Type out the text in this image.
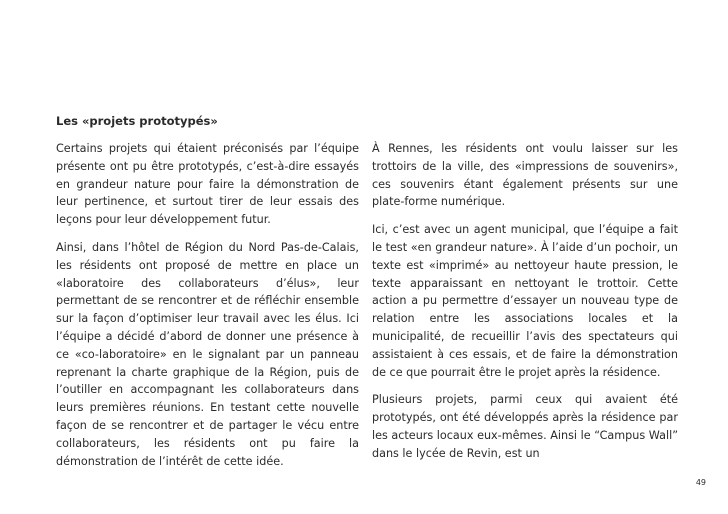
Les «projets prototypés»

Certains projets qui étaient préconisés par l’équipe présente ont pu être prototypés, c’est-à-dire essayés en grandeur nature pour faire la démonstration de leur pertinence, et surtout tirer de leur essais des leçons pour leur développement futur.

Ainsi, dans l’hôtel de Région du Nord Pas-de-Calais, les résidents ont proposé de mettre en place un «laboratoire des collaborateurs d’élus», leur permettant de se rencontrer et de réfléchir ensemble sur la façon d’optimiser leur travail avec les élus. Ici l’équipe a décidé d’abord de donner une présence à ce «co-laboratoire» en le signalant par un panneau reprenant la charte graphique de la Région, puis de l’outiller en accompagnant les collaborateurs dans leurs premières réunions. En testant cette nouvelle façon de se rencontrer et de partager le vécu entre collaborateurs, les résidents ont pu faire la démonstration de l’intérêt de cette idée.

À Rennes, les résidents ont voulu laisser sur les trottoirs de la ville, des «impressions de souvenirs», ces souvenirs étant également présents sur une plate-forme numérique.

Ici, c’est avec un agent municipal, que l’équipe a fait le test «en grandeur nature». À l’aide d’un pochoir, un texte est «imprimé» au nettoyeur haute pression, le texte apparaissant en nettoyant le trottoir. Cette action a pu permettre d’essayer un nouveau type de relation entre les associations locales et la municipalité, de recueillir l’avis des spectateurs qui assistaient à ces essais, et de faire la démonstration de ce que pourrait être le projet après la résidence.

Plusieurs projets, parmi ceux qui avaient été prototypés, ont été développés après la résidence par les acteurs locaux eux-mêmes. Ainsi le “Campus Wall” dans le lycée de Revin, est un

49
